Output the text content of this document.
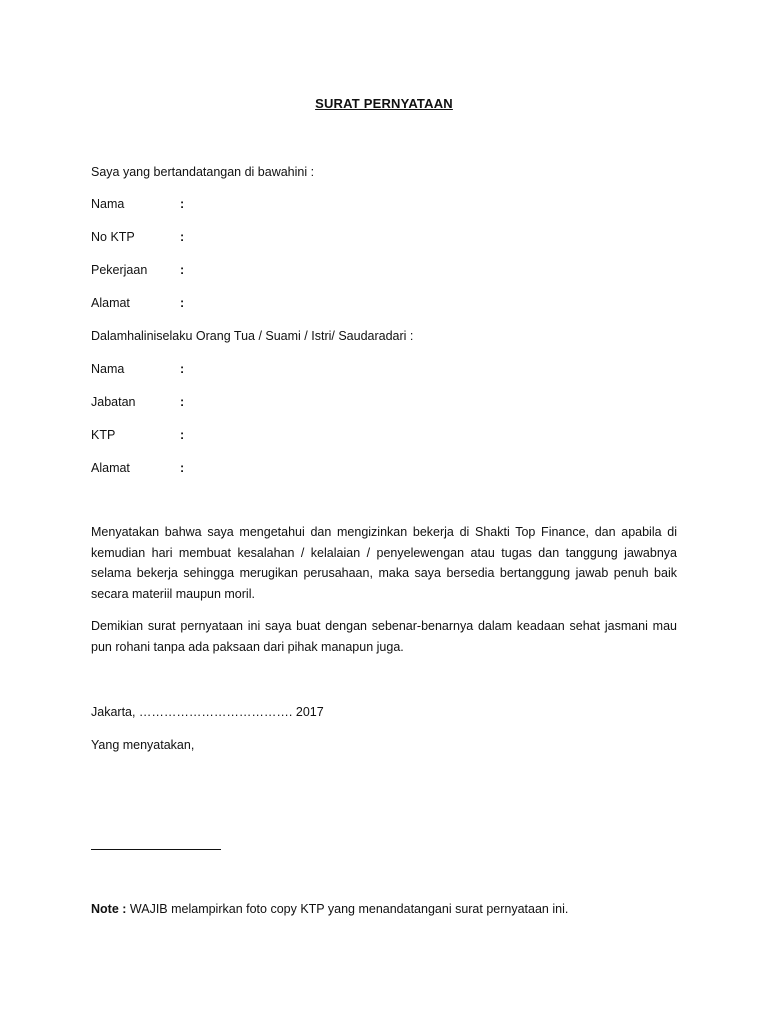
SURAT PERNYATAAN
Saya yang bertandatangan di bawahini :
Nama	:
No KTP	:
Pekerjaan	:
Alamat	:
Dalamhaliniselaku Orang Tua / Suami / Istri/ Saudaradari :
Nama	:
Jabatan	:
KTP	:
Alamat	:
Menyatakan bahwa saya mengetahui dan mengizinkan bekerja di Shakti Top Finance, dan apabila di kemudian hari membuat kesalahan / kelalaian / penyelewengan atau tugas dan tanggung jawabnya selama bekerja sehingga merugikan perusahaan, maka saya bersedia bertanggung jawab penuh baik secara materiil maupun moril.
Demikian surat pernyataan ini saya buat dengan sebenar-benarnya dalam keadaan sehat jasmani mau pun rohani tanpa ada paksaan dari pihak manapun juga.
Jakarta, ………………………………. 2017
Yang menyatakan,
Note : WAJIB melampirkan foto copy KTP yang menandatangani surat pernyataan ini.
